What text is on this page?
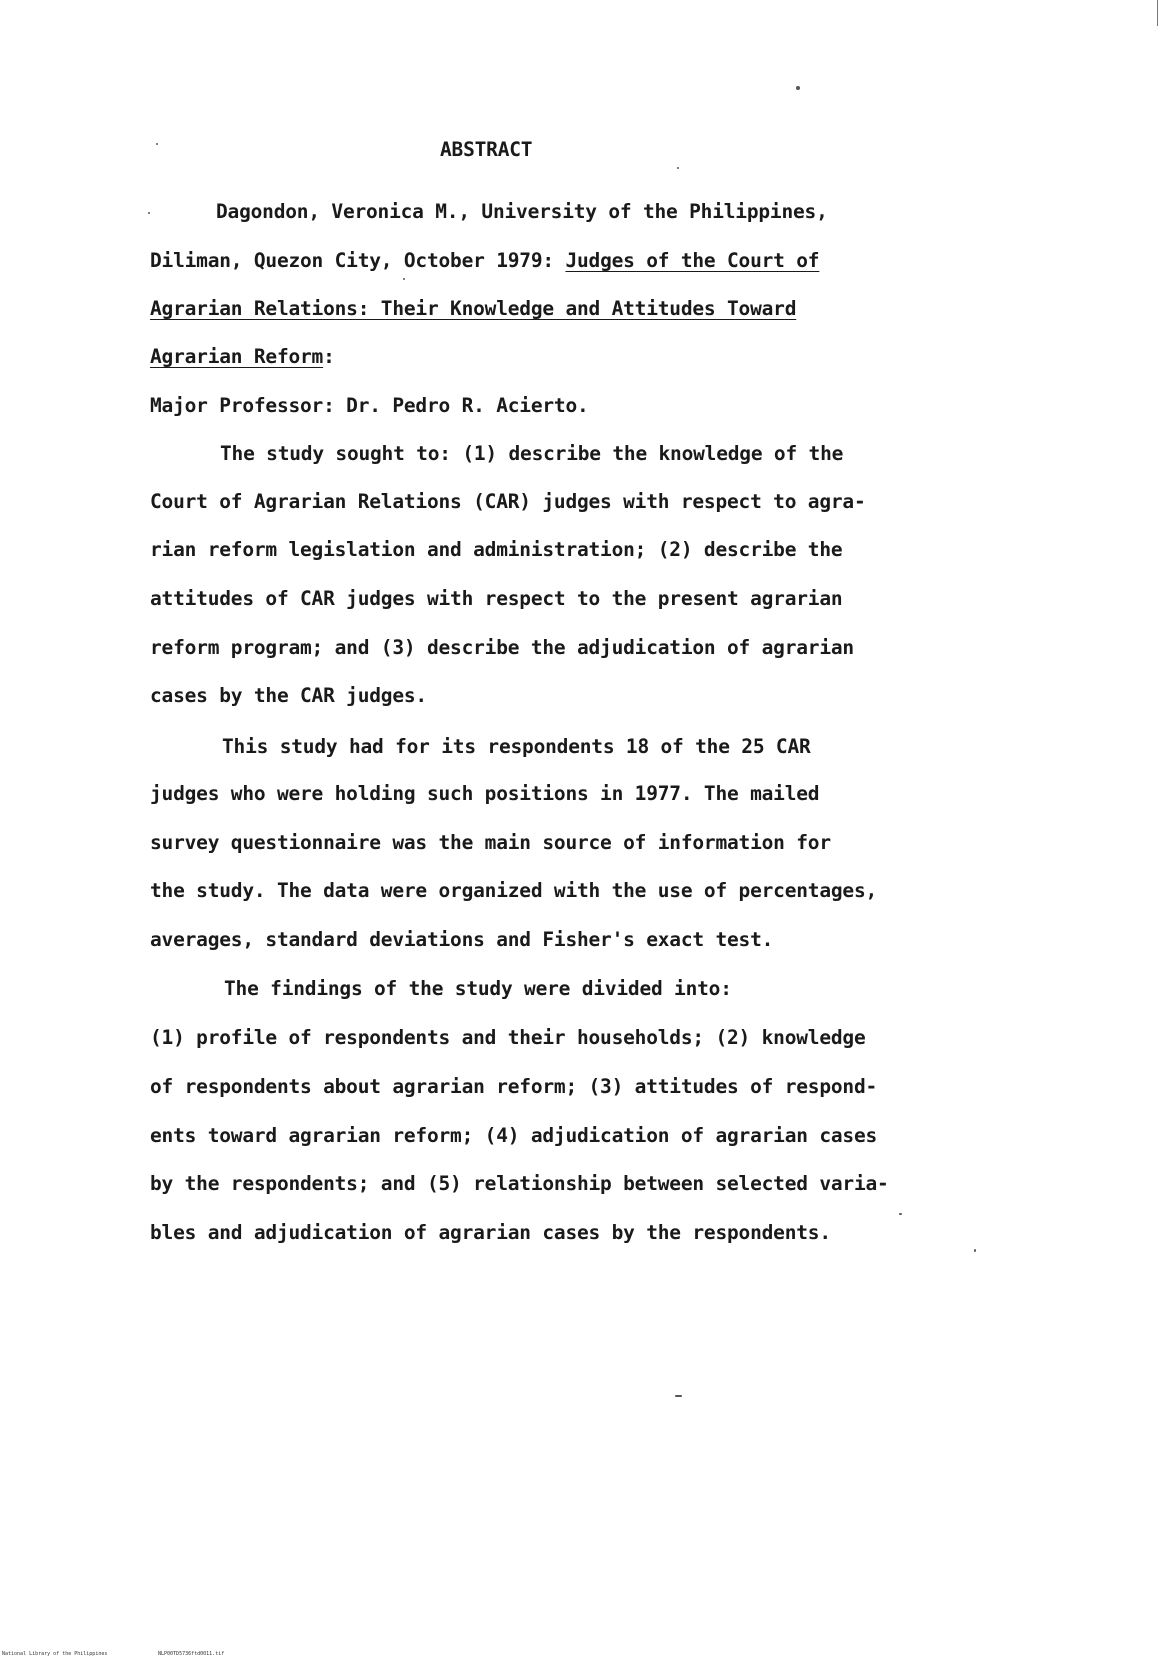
ABSTRACT
Dagondon, Veronica M., University of the Philippines,
Diliman, Quezon City, October 1979: Judges of the Court of
Agrarian Relations: Their Knowledge and Attitudes Toward
Agrarian Reform:
Major Professor: Dr. Pedro R. Acierto.
The study sought to: (1) describe the knowledge of the
Court of Agrarian Relations (CAR) judges with respect to agra-
rian reform legislation and administration; (2) describe the
attitudes of CAR judges with respect to the present agrarian
reform program; and (3) describe the adjudication of agrarian
cases by the CAR judges.
This study had for its respondents 18 of the 25 CAR
judges who were holding such positions in 1977. The mailed
survey questionnaire was the main source of information for
the study. The data were organized with the use of percentages,
averages, standard deviations and Fisher's exact test.
The findings of the study were divided into:
(1) profile of respondents and their households; (2) knowledge
of respondents about agrarian reform; (3) attitudes of respond-
ents toward agrarian reform; (4) adjudication of agrarian cases
by the respondents; and (5) relationship between selected varia-
bles and adjudication of agrarian cases by the respondents.
National Library of the Philippines	NLP00TD5736ftd0011.tif
